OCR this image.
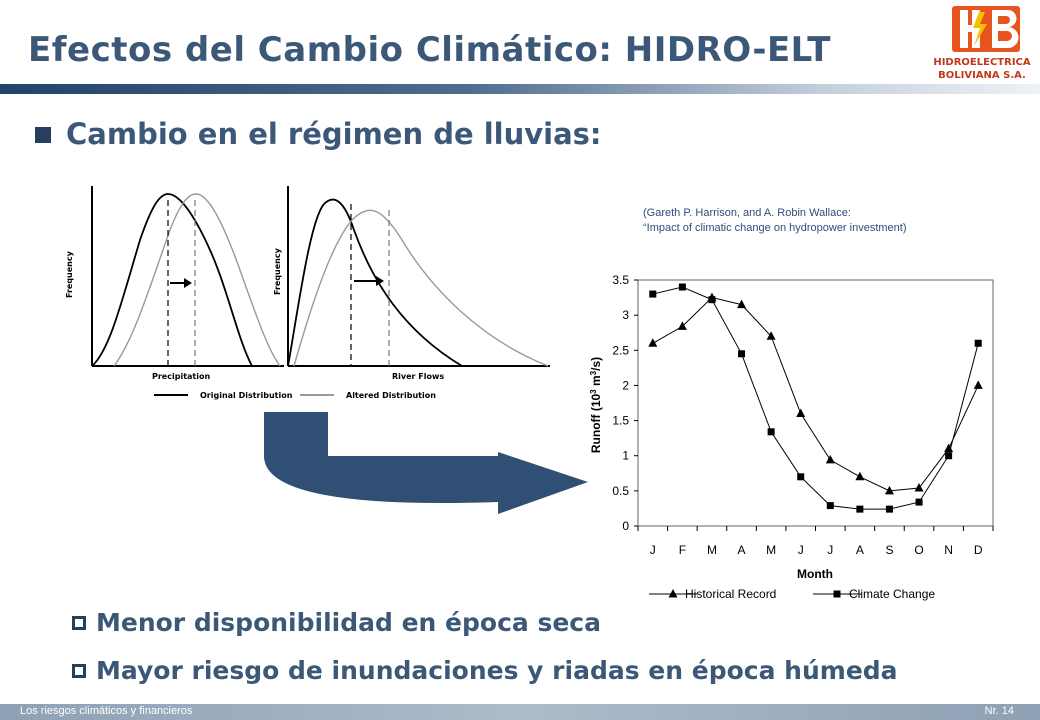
Efectos del Cambio Climático: HIDRO-ELT	HIDROELECTRICA
BOLIVIANA S.A.
Cambio en el régimen de lluvias:
Frequency
Precipitation
Frequency
River Flows
Original Distribution	Altered Distribution
(Gareth P. Harrison, and A. Robin Wallace:
“Impact of climatic change on hydropower investment)
0
0.5
1
1.5
2
2.5
3
3.5
J F M A M J J A S O N D
Runoff ($10^3$ $m^3/s$)
Month
Historical Record	Climate Change
Menor disponibilidad en época seca
Mayor riesgo de inundaciones y riadas en época húmeda
Los riesgos climáticos y financieros	Nr. 14
